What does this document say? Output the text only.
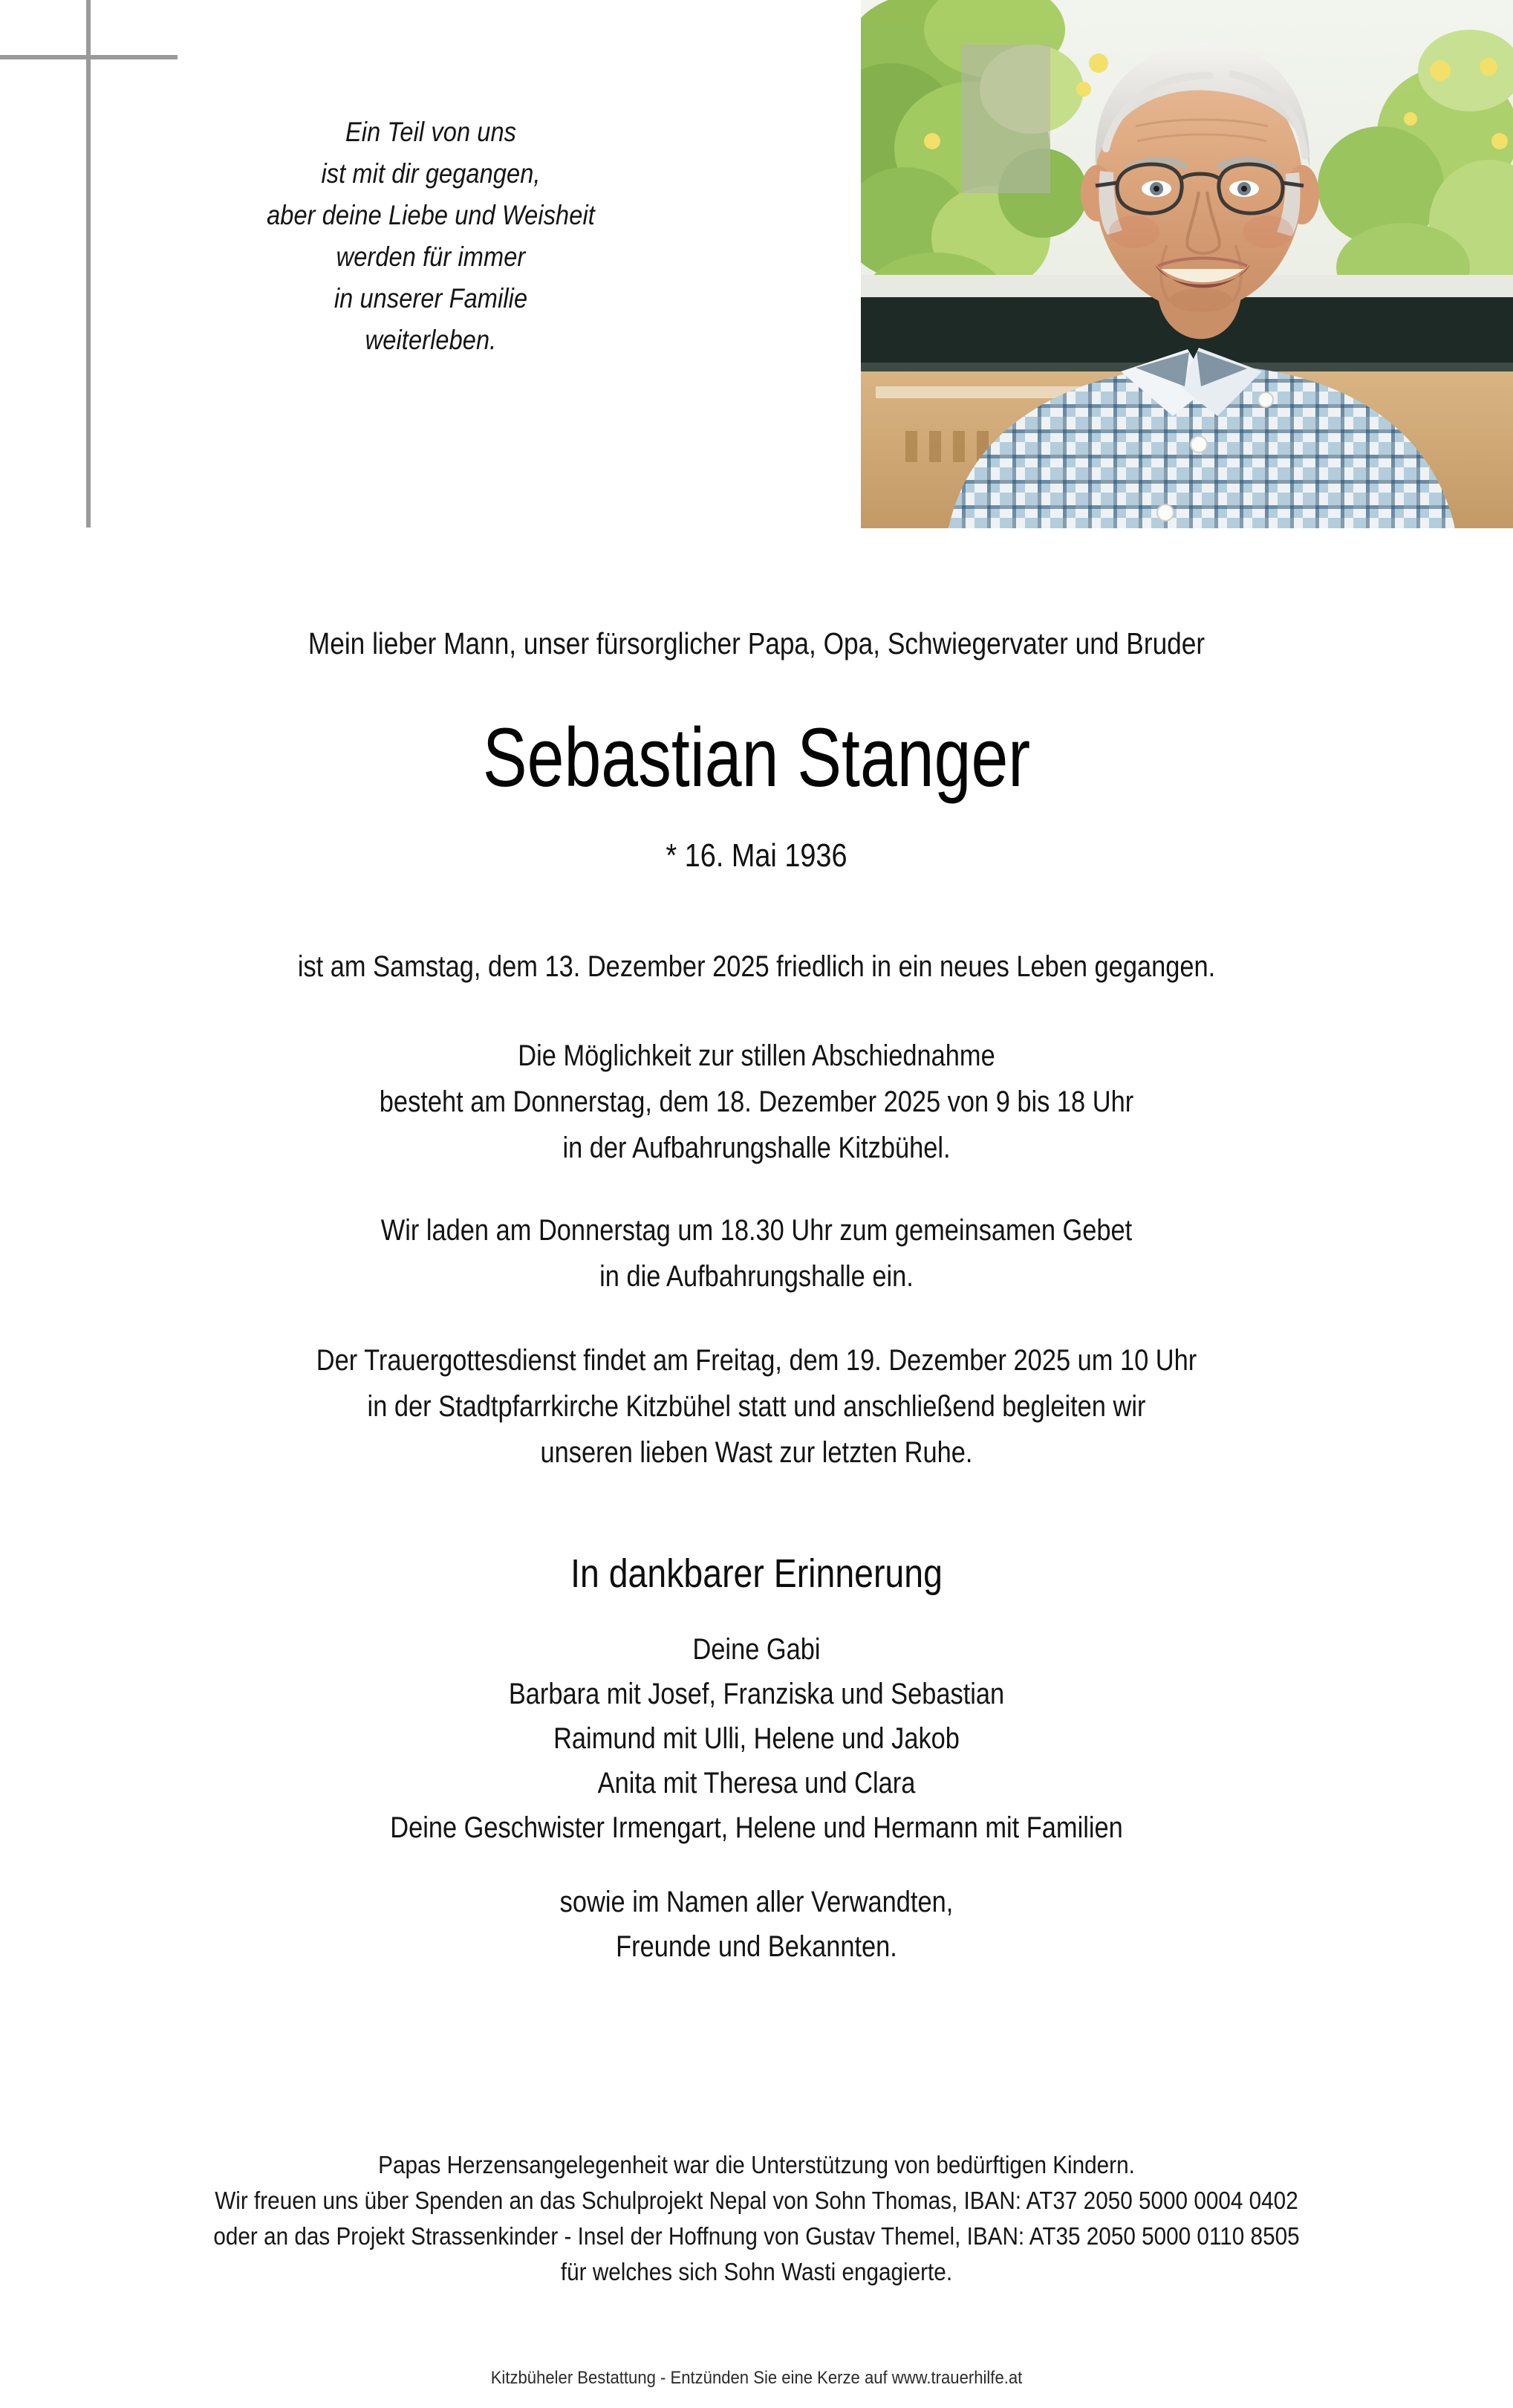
Ein Teil von uns
ist mit dir gegangen,
aber deine Liebe und Weisheit
werden für immer
in unserer Familie
weiterleben.
Mein lieber Mann, unser fürsorglicher Papa, Opa, Schwiegervater und Bruder
Sebastian Stanger
* 16. Mai 1936
ist am Samstag, dem 13. Dezember 2025 friedlich in ein neues Leben gegangen.
Die Möglichkeit zur stillen Abschiednahme
besteht am Donnerstag, dem 18. Dezember 2025 von 9 bis 18 Uhr
in der Aufbahrungshalle Kitzbühel.
Wir laden am Donnerstag um 18.30 Uhr zum gemeinsamen Gebet
in die Aufbahrungshalle ein.
Der Trauergottesdienst findet am Freitag, dem 19. Dezember 2025 um 10 Uhr
in der Stadtpfarrkirche Kitzbühel statt und anschließend begleiten wir
unseren lieben Wast zur letzten Ruhe.
In dankbarer Erinnerung
Deine Gabi
Barbara mit Josef, Franziska und Sebastian
Raimund mit Ulli, Helene und Jakob
Anita mit Theresa und Clara
Deine Geschwister Irmengart, Helene und Hermann mit Familien
sowie im Namen aller Verwandten,
Freunde und Bekannten.
Papas Herzensangelegenheit war die Unterstützung von bedürftigen Kindern.
Wir freuen uns über Spenden an das Schulprojekt Nepal von Sohn Thomas, IBAN: AT37 2050 5000 0004 0402
oder an das Projekt Strassenkinder - Insel der Hoffnung von Gustav Themel, IBAN: AT35 2050 5000 0110 8505
für welches sich Sohn Wasti engagierte.
Kitzbüheler Bestattung - Entzünden Sie eine Kerze auf www.trauerhilfe.at
